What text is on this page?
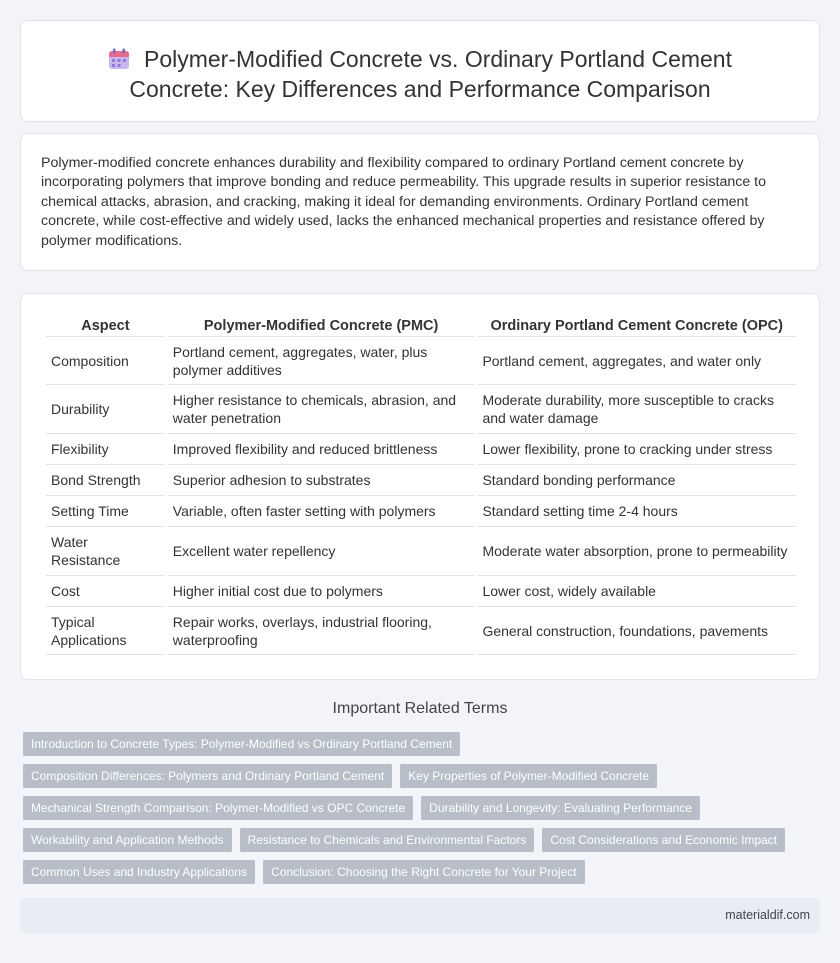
Polymer-Modified Concrete vs. Ordinary Portland Cement Concrete: Key Differences and Performance Comparison

Polymer-modified concrete enhances durability and flexibility compared to ordinary Portland cement concrete by incorporating polymers that improve bonding and reduce permeability. This upgrade results in superior resistance to chemical attacks, abrasion, and cracking, making it ideal for demanding environments. Ordinary Portland cement concrete, while cost-effective and widely used, lacks the enhanced mechanical properties and resistance offered by polymer modifications.

Aspect	Polymer-Modified Concrete (PMC)	Ordinary Portland Cement Concrete (OPC)
Composition	Portland cement, aggregates, water, plus polymer additives	Portland cement, aggregates, and water only
Durability	Higher resistance to chemicals, abrasion, and water penetration	Moderate durability, more susceptible to cracks and water damage
Flexibility	Improved flexibility and reduced brittleness	Lower flexibility, prone to cracking under stress
Bond Strength	Superior adhesion to substrates	Standard bonding performance
Setting Time	Variable, often faster setting with polymers	Standard setting time 2-4 hours
Water Resistance	Excellent water repellency	Moderate water absorption, prone to permeability
Cost	Higher initial cost due to polymers	Lower cost, widely available
Typical Applications	Repair works, overlays, industrial flooring, waterproofing	General construction, foundations, pavements
Important Related Terms
Introduction to Concrete Types: Polymer-Modified vs Ordinary Portland Cement
Composition Differences: Polymers and Ordinary Portland Cement	Key Properties of Polymer-Modified Concrete
Mechanical Strength Comparison: Polymer-Modified vs OPC Concrete	Durability and Longevity: Evaluating Performance
Workability and Application Methods	Resistance to Chemicals and Environmental Factors	Cost Considerations and Economic Impact
Common Uses and Industry Applications	Conclusion: Choosing the Right Concrete for Your Project
materialdif.com
